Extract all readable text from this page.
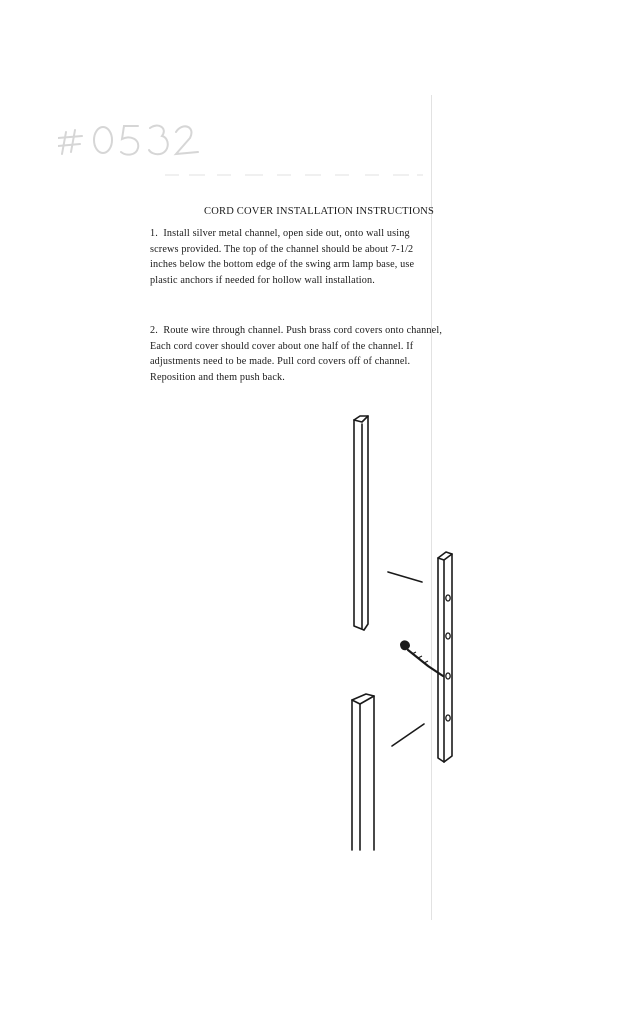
CORD COVER INSTALLATION INSTRUCTIONS

1. Install silver metal channel, open side out, onto wall using

screws provided. The top of the channel should be about 7-1/2

inches below the bottom edge of the swing arm lamp base, use

plastic anchors if needed for hollow wall installation.

2. Route wire through channel. Push brass cord covers onto channel,

Each cord cover should cover about one half of the channel. If

adjustments need to be made. Pull cord covers off of channel.

Reposition and them push back.
